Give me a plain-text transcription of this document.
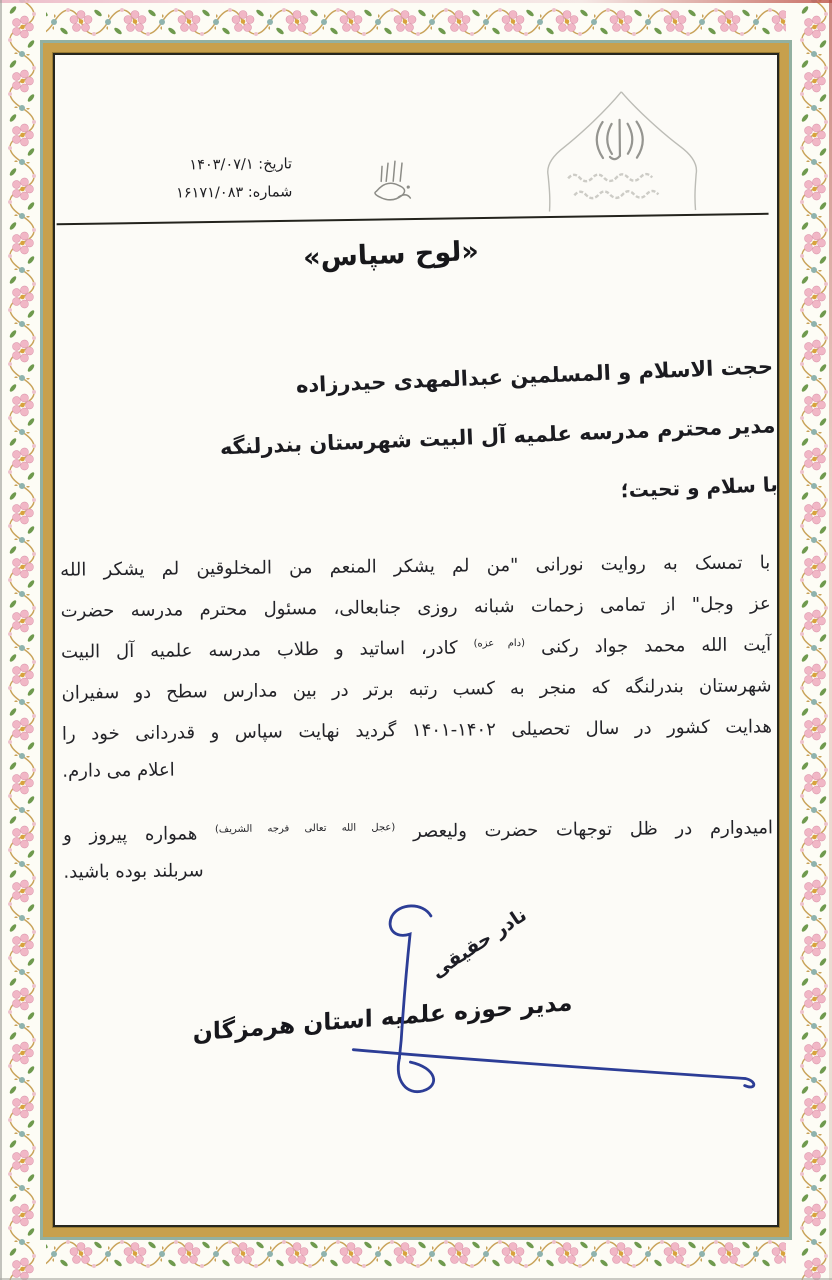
تاریخ: ۱۴۰۳/۰۷/۱
شماره: ۱۶۱۷۱/۰۸۳
«لوح سپاس»
حجت الاسلام و المسلمین عبدالمهدی حیدرزاده
مدیر محترم مدرسه علمیه آل البیت شهرستان بندرلنگه
با سلام و تحیت؛
با تمسک به روایت نورانی "من لم یشکر المنعم من المخلوقین لم یشکر الله
عز وجل" از تمامی زحمات شبانه روزی جنابعالی، مسئول محترم مدرسه حضرت
آیت الله محمد جواد رکنی $^{(دام عزه)}$ کادر، اساتید و طلاب مدرسه علمیه آل البیت
شهرستان بندرلنگه که منجر به کسب رتبه برتر در بین مدارس سطح دو سفیران
هدایت کشور در سال تحصیلی ۱۴۰۲-۱۴۰۱ گردید نهایت سپاس و قدردانی خود را
اعلام می دارم.
امیدوارم در ظل توجهات حضرت ولیعصر $^{(عجل الله تعالی فرجه الشریف)}$ همواره پیروز و
سربلند بوده باشید.
نادر حقیقی
مدیر حوزه علمیه استان هرمزگان
